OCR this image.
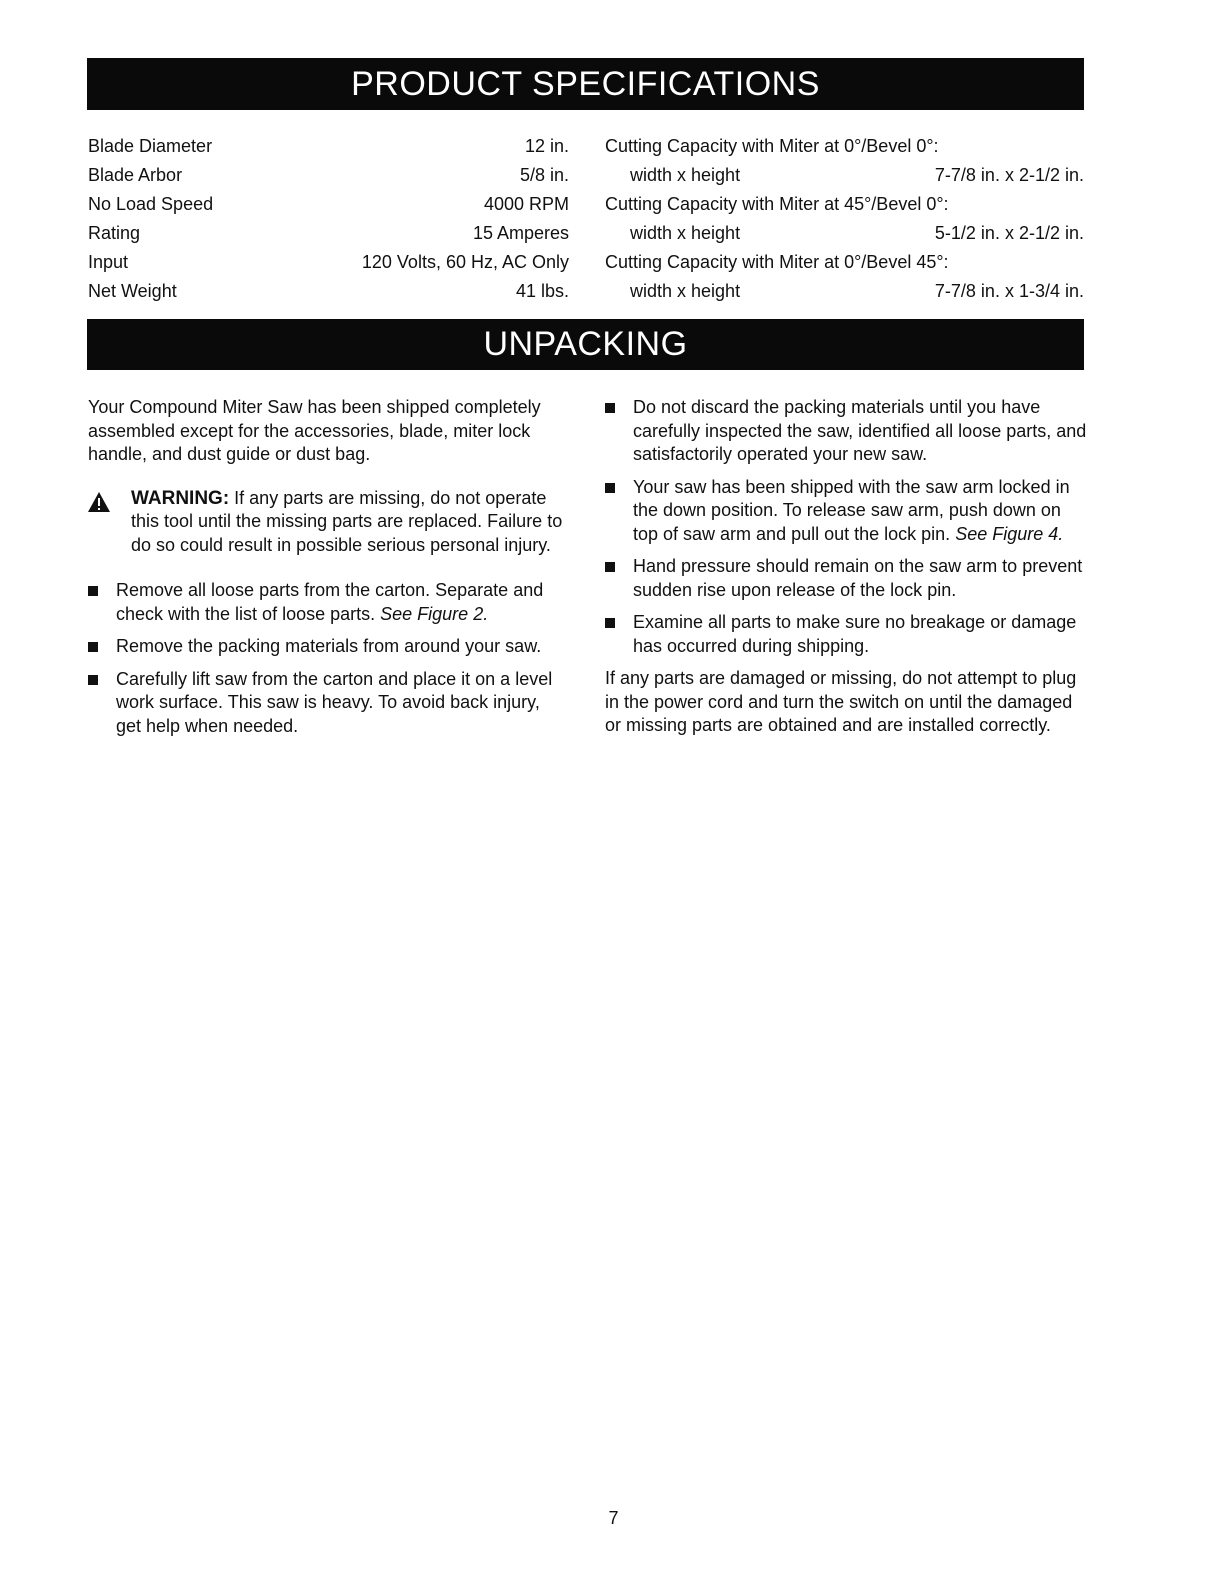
PRODUCT SPECIFICATIONS
Blade Diameter	12 in.
Blade Arbor	5/8 in.
No Load Speed	4000 RPM
Rating	15 Amperes
Input	120 Volts, 60 Hz, AC Only
Net Weight	41 lbs.
Cutting Capacity with Miter at 0°/Bevel 0°:
width x height	7-7/8 in. x 2-1/2 in.
Cutting Capacity with Miter at 45°/Bevel 0°:
width x height	5-1/2 in. x 2-1/2 in.
Cutting Capacity with Miter at 0°/Bevel 45°:
width x height	7-7/8 in. x 1-3/4 in.
UNPACKING
Your Compound Miter Saw has been shipped completely assembled except for the accessories, blade, miter lock handle, and dust guide or dust bag.
WARNING: If any parts are missing, do not operate this tool until the missing parts are replaced. Failure to do so could result in possible serious personal injury.
Remove all loose parts from the carton. Separate and check with the list of loose parts. See Figure 2.
Remove the packing materials from around your saw.
Carefully lift saw from the carton and place it on a level work surface. This saw is heavy. To avoid back injury, get help when needed.
Do not discard the packing materials until you have carefully inspected the saw, identified all loose parts, and satisfactorily operated your new saw.
Your saw has been shipped with the saw arm locked in the down position. To release saw arm, push down on top of saw arm and pull out the lock pin. See Figure 4.
Hand pressure should remain on the saw arm to prevent sudden rise upon release of the lock pin.
Examine all parts to make sure no breakage or damage has occurred during shipping.
If any parts are damaged or missing, do not attempt to plug in the power cord and turn the switch on until the damaged or missing parts are obtained and are installed correctly.
7
